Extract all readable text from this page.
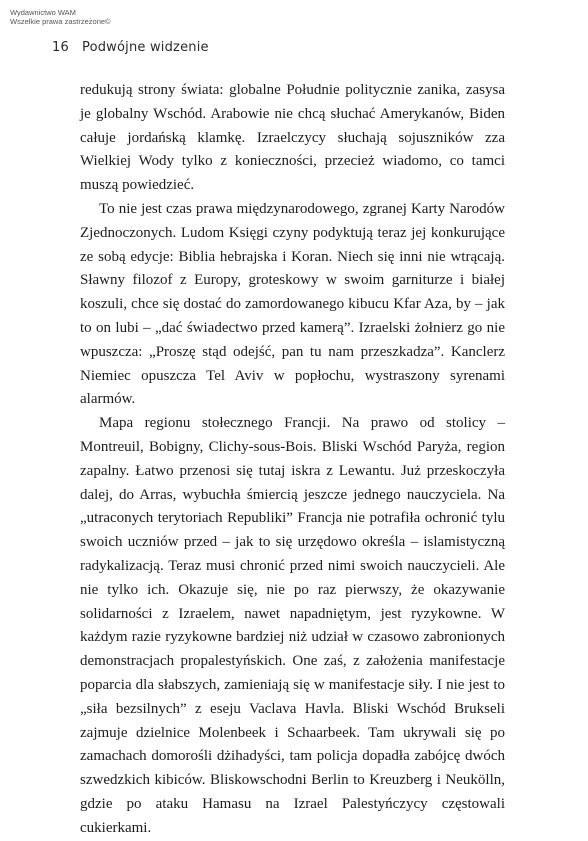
Wydawnictwo WAM
Wszelkie prawa zastrzeżone©
16 Podwójne widzenie

redukują strony świata: globalne Południe politycznie zanika, zasysa je globalny Wschód. Arabowie nie chcą słuchać Amerykanów, Biden całuje jordańską klamkę. Izraelczycy słuchają sojuszników zza Wielkiej Wody tylko z konieczności, przecież wiadomo, co tamci muszą powiedzieć.

To nie jest czas prawa międzynarodowego, zgranej Karty Narodów Zjednoczonych. Ludom Księgi czyny podyktują teraz jej konkurujące ze sobą edycje: Biblia hebrajska i Koran. Niech się inni nie wtrącają. Sławny filozof z Europy, groteskowy w swoim garniturze i białej koszuli, chce się dostać do zamordowanego kibucu Kfar Aza, by – jak to on lubi – „dać świadectwo przed kamerą”. Izraelski żołnierz go nie wpuszcza: „Proszę stąd odejść, pan tu nam przeszkadza”. Kanclerz Niemiec opuszcza Tel Aviv w popłochu, wystraszony syrenami alarmów.

Mapa regionu stołecznego Francji. Na prawo od stolicy – Montreuil, Bobigny, Clichy-sous-Bois. Bliski Wschód Paryża, region zapalny. Łatwo przenosi się tutaj iskra z Lewantu. Już przeskoczyła dalej, do Arras, wybuchła śmiercią jeszcze jednego nauczyciela. Na „utraconych terytoriach Republiki” Francja nie potrafiła ochronić tylu swoich uczniów przed – jak to się urzędowo określa – islamistyczną radykalizacją. Teraz musi chronić przed nimi swoich nauczycieli. Ale nie tylko ich. Okazuje się, nie po raz pierwszy, że okazywanie solidarności z Izraelem, nawet napadniętym, jest ryzykowne. W każdym razie ryzykowne bardziej niż udział w czasowo zabronionych demonstracjach propalestyńskich. One zaś, z założenia manifestacje poparcia dla słabszych, zamieniają się w manifestacje siły. I nie jest to „siła bezsilnych” z eseju Vaclava Havla. Bliski Wschód Brukseli zajmuje dzielnice Molenbeek i Schaarbeek. Tam ukrywali się po zamachach domorośli dżihadyści, tam policja dopadła zabójcę dwóch szwedzkich kibiców. Bliskowschodni Berlin to Kreuzberg i Neukölln, gdzie po ataku Hamasu na Izrael Palestyńczycy częstowali cukierkami.
